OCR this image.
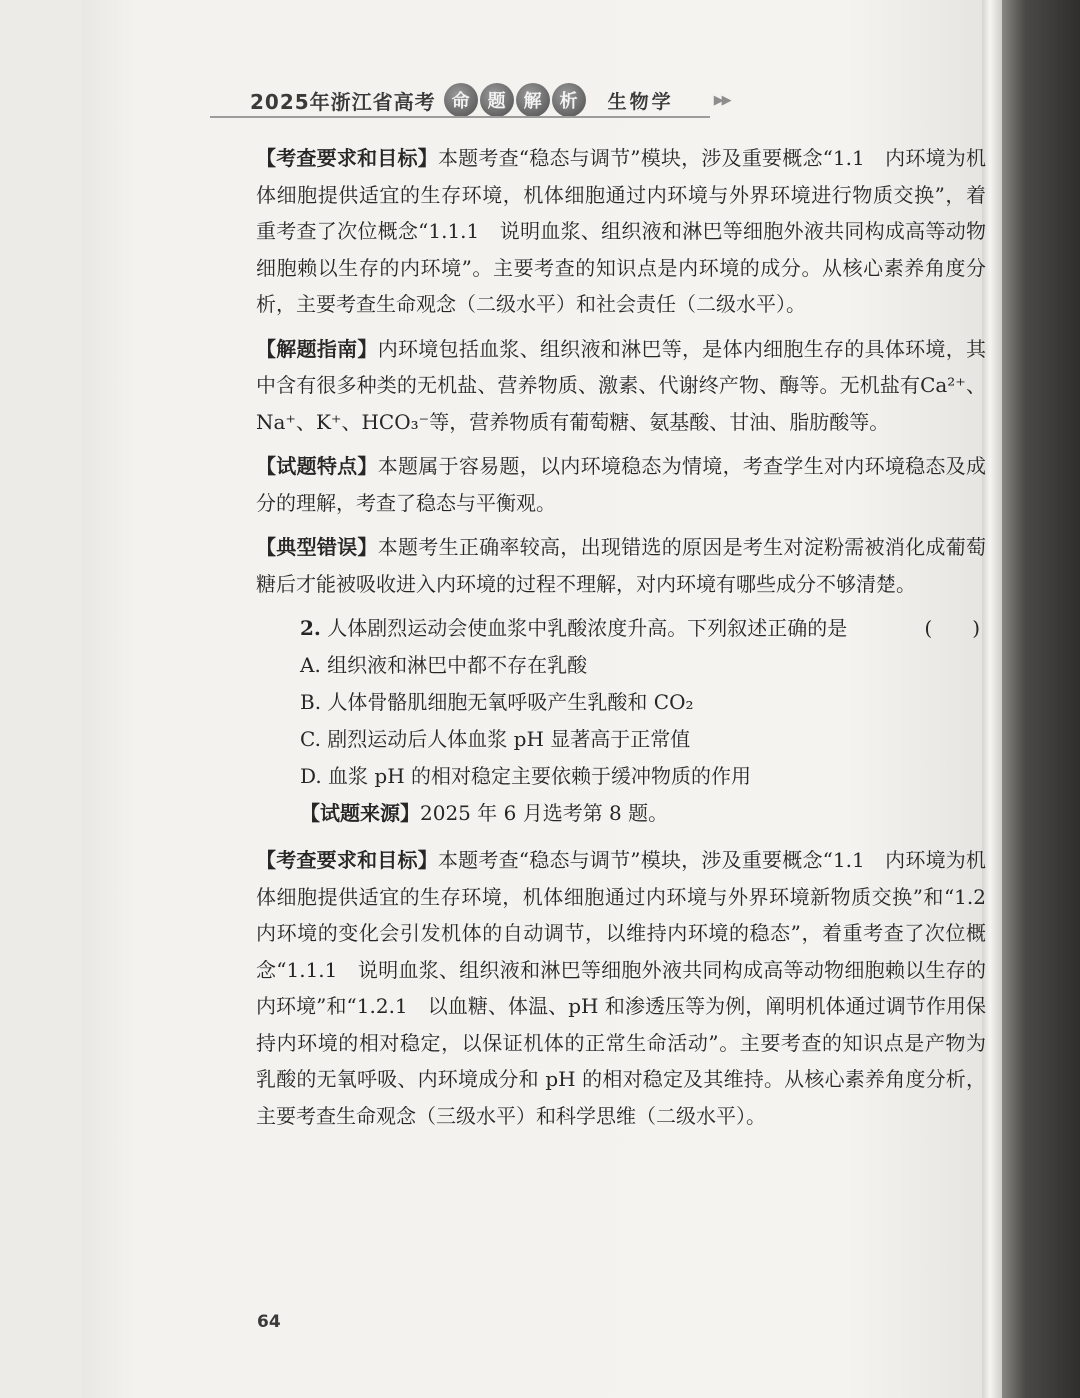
2025年浙江省高考 命	题	解	析	生物学	▶▶

【考查要求和目标】本题考查“稳态与调节”模块，涉及重要概念“1.1　内环境为机体细胞提供适宜的生存环境，机体细胞通过内环境与外界环境进行物质交换”，着重考查了次位概念“1.1.1　说明血浆、组织液和淋巴等细胞外液共同构成高等动物细胞赖以生存的内环境”。主要考查的知识点是内环境的成分。从核心素养角度分析，主要考查生命观念（二级水平）和社会责任（二级水平）。

【解题指南】内环境包括血浆、组织液和淋巴等，是体内细胞生存的具体环境，其中含有很多种类的无机盐、营养物质、激素、代谢终产物、酶等。无机盐有Ca²⁺、Na⁺、K⁺、HCO₃⁻等，营养物质有葡萄糖、氨基酸、甘油、脂肪酸等。

【试题特点】本题属于容易题，以内环境稳态为情境，考查学生对内环境稳态及成分的理解，考查了稳态与平衡观。

【典型错误】本题考生正确率较高，出现错选的原因是考生对淀粉需被消化成葡萄糖后才能被吸收进入内环境的过程不理解，对内环境有哪些成分不够清楚。

2. 人体剧烈运动会使血浆中乳酸浓度升高。下列叙述正确的是	(　　)

A. 组织液和淋巴中都不存在乳酸

B. 人体骨骼肌细胞无氧呼吸产生乳酸和 CO₂

C. 剧烈运动后人体血浆 pH 显著高于正常值

D. 血浆 pH 的相对稳定主要依赖于缓冲物质的作用

【试题来源】2025 年 6 月选考第 8 题。

【考查要求和目标】本题考查“稳态与调节”模块，涉及重要概念“1.1　内环境为机体细胞提供适宜的生存环境，机体细胞通过内环境与外界环境新物质交换”和“1.2　内环境的变化会引发机体的自动调节，以维持内环境的稳态”，着重考查了次位概念“1.1.1　说明血浆、组织液和淋巴等细胞外液共同构成高等动物细胞赖以生存的内环境”和“1.2.1　以血糖、体温、pH 和渗透压等为例，阐明机体通过调节作用保持内环境的相对稳定，以保证机体的正常生命活动”。主要考查的知识点是产物为乳酸的无氧呼吸、内环境成分和 pH 的相对稳定及其维持。从核心素养角度分析，主要考查生命观念（三级水平）和科学思维（二级水平）。

64
